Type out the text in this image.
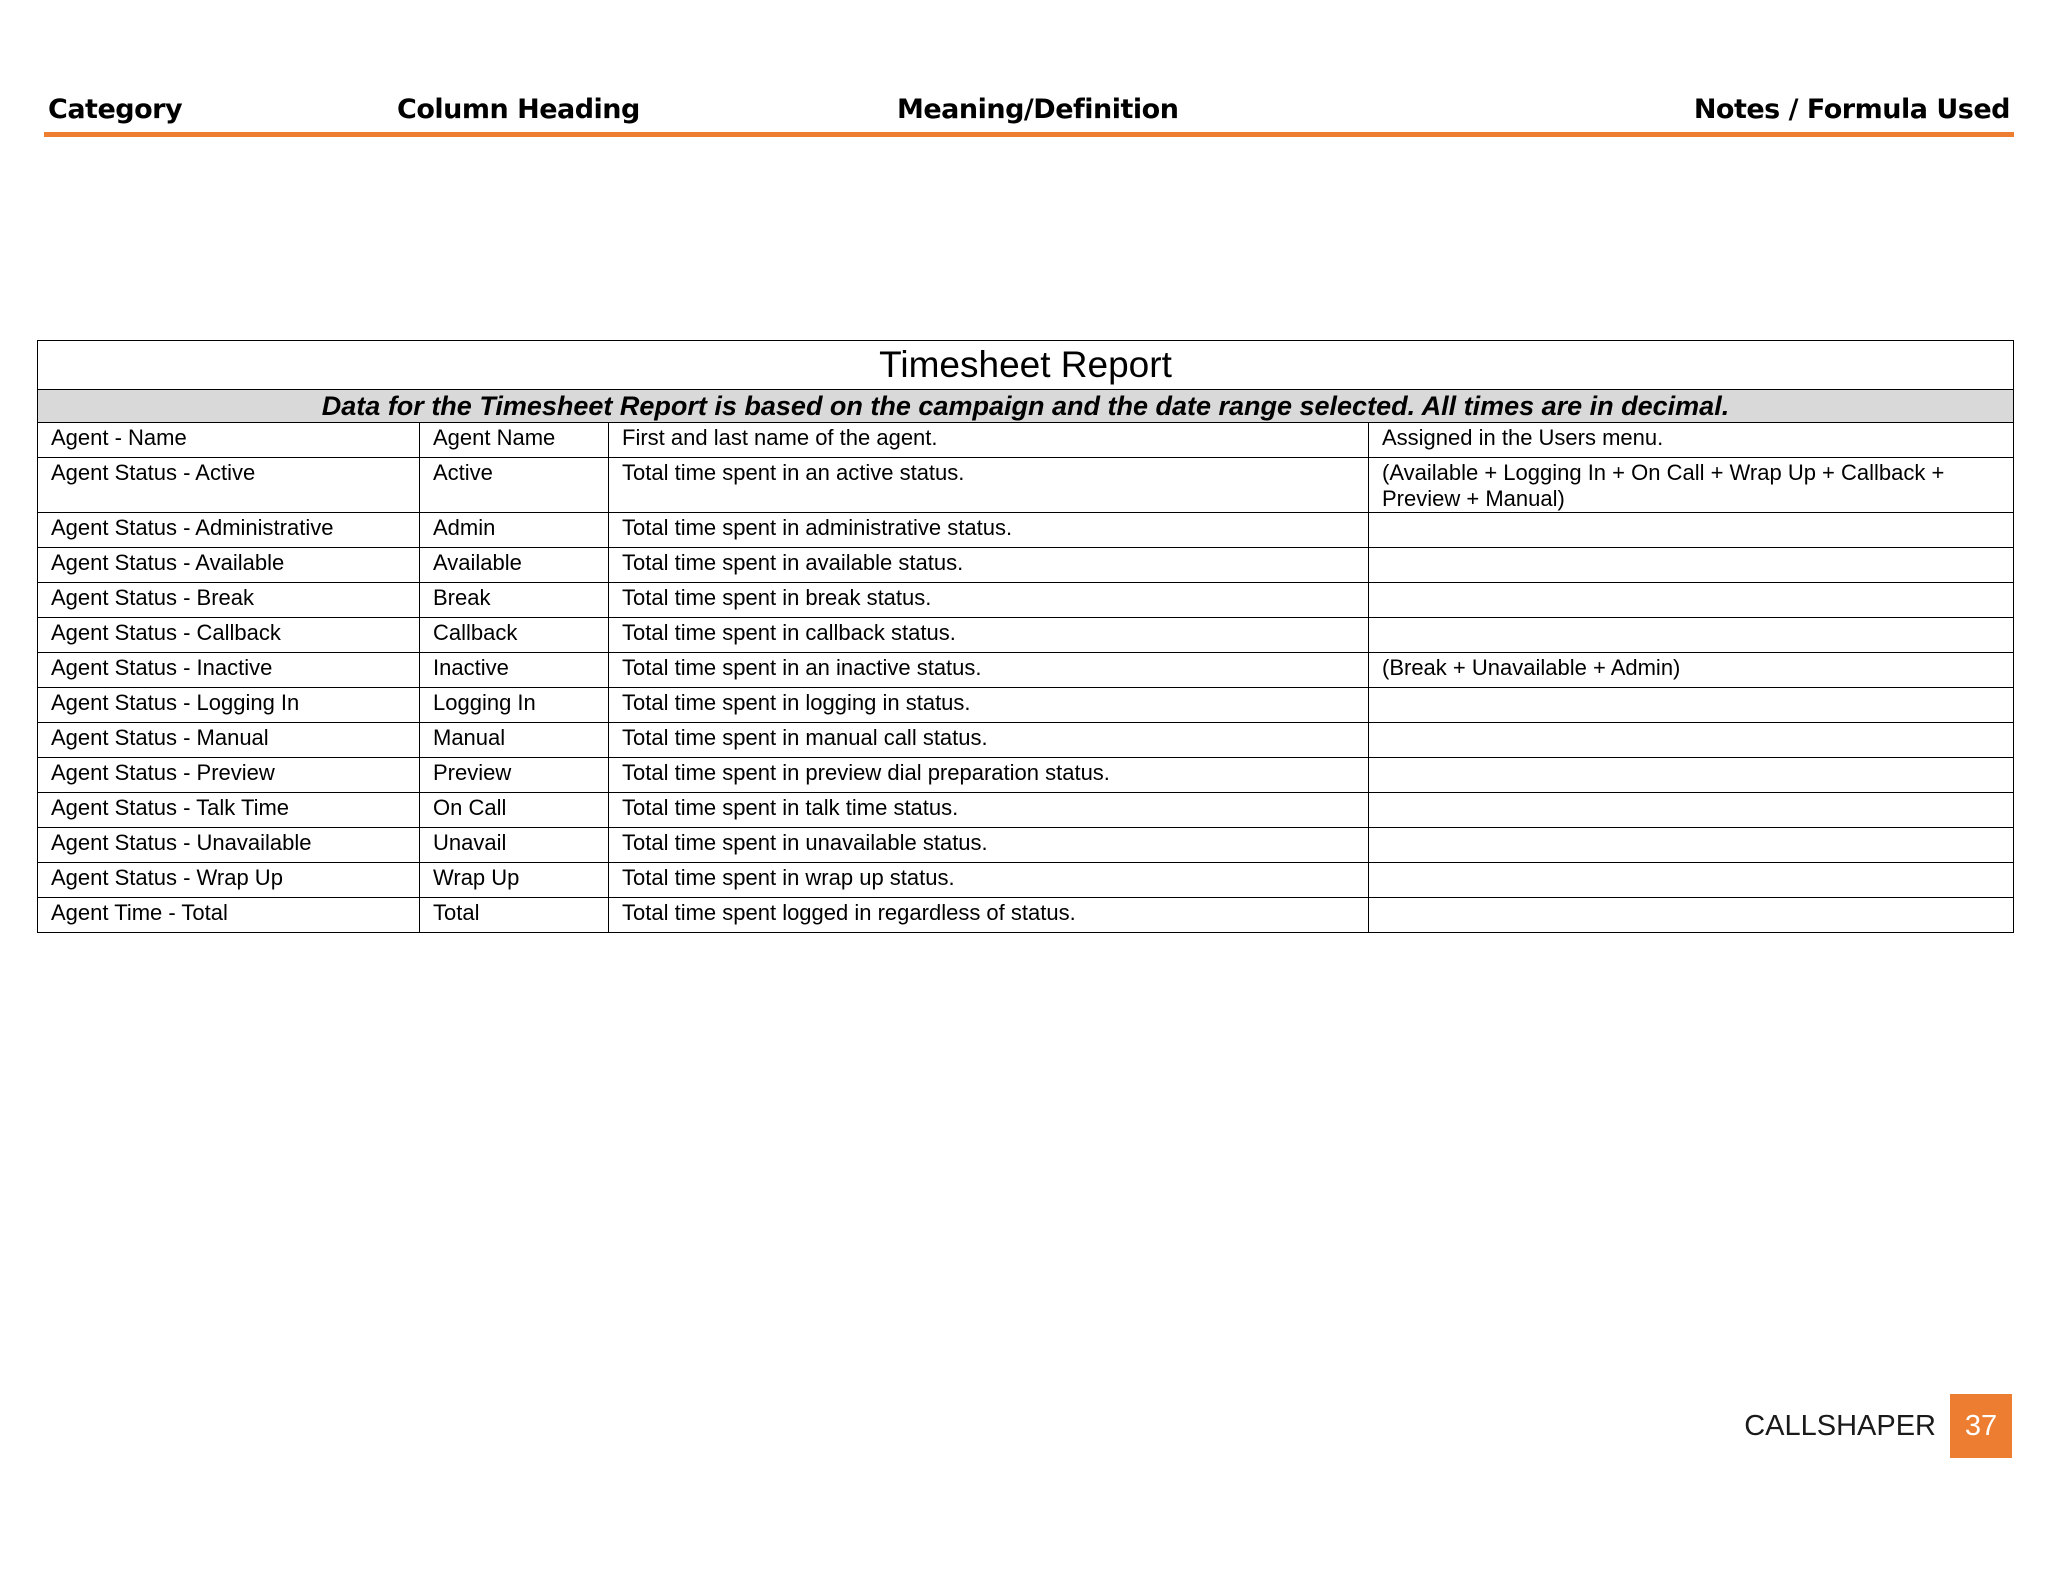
Category	Column Heading	Meaning/Definition	Notes / Formula Used
Timesheet Report			
Data for the Timesheet Report is based on the campaign and the date range selected. All times are in decimal.			
Agent - Name	Agent Name	First and last name of the agent.	Assigned in the Users menu.
Agent Status - Active	Active	Total time spent in an active status.	(Available + Logging In + On Call + Wrap Up + Callback + Preview + Manual)
Agent Status - Administrative	Admin	Total time spent in administrative status.	
Agent Status - Available	Available	Total time spent in available status.	
Agent Status - Break	Break	Total time spent in break status.	
Agent Status - Callback	Callback	Total time spent in callback status.	
Agent Status - Inactive	Inactive	Total time spent in an inactive status.	(Break + Unavailable + Admin)
Agent Status - Logging In	Logging In	Total time spent in logging in status.	
Agent Status - Manual	Manual	Total time spent in manual call status.	
Agent Status - Preview	Preview	Total time spent in preview dial preparation status.	
Agent Status - Talk Time	On Call	Total time spent in talk time status.	
Agent Status - Unavailable	Unavail	Total time spent in unavailable status.	
Agent Status - Wrap Up	Wrap Up	Total time spent in wrap up status.	
Agent Time - Total	Total	Total time spent logged in regardless of status.	
CALLSHAPER 37
